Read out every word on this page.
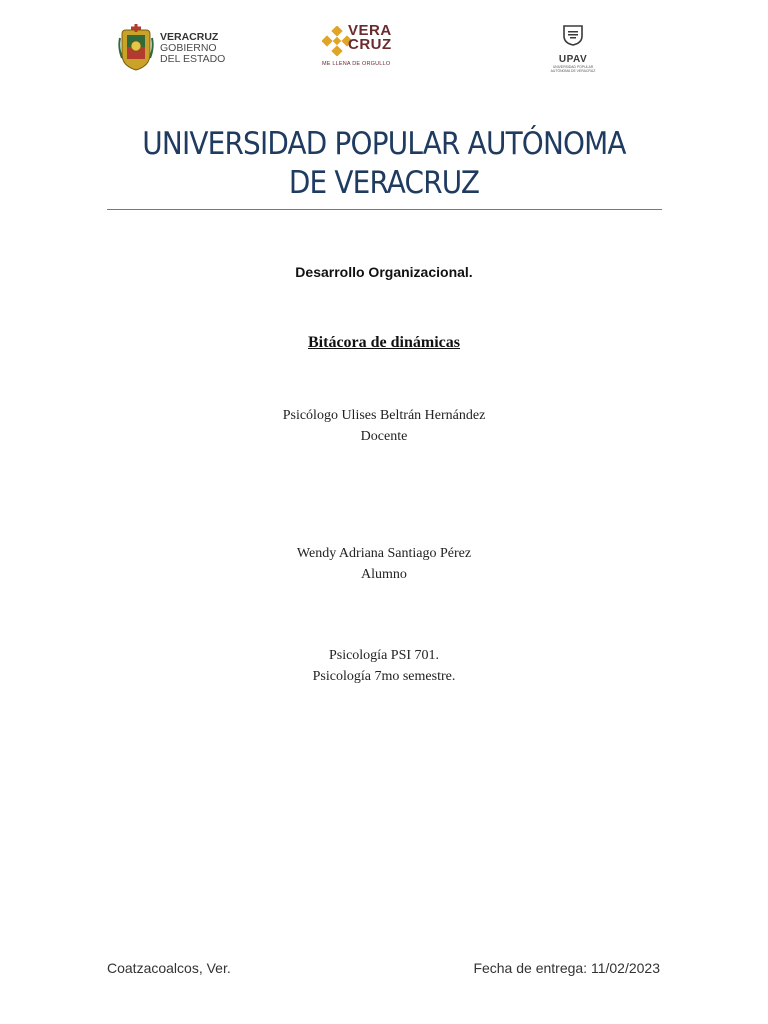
VERACRUZ
GOBIERNO
DEL ESTADO
VERA
CRUZ
ME LLENA DE ORGULLO	UPAV
UNIVERSIDAD POPULAR
AUTÓNOMA DE VERACRUZ
UNIVERSIDAD POPULAR AUTÓNOMA
DE VERACRUZ
Desarrollo Organizacional.
Bitácora de dinámicas
Psicólogo Ulises Beltrán Hernández
Docente
Wendy Adriana Santiago Pérez
Alumno
Psicología PSI 701.
Psicología 7mo semestre.
Coatzacoalcos, Ver.	Fecha de entrega: 11/02/2023
